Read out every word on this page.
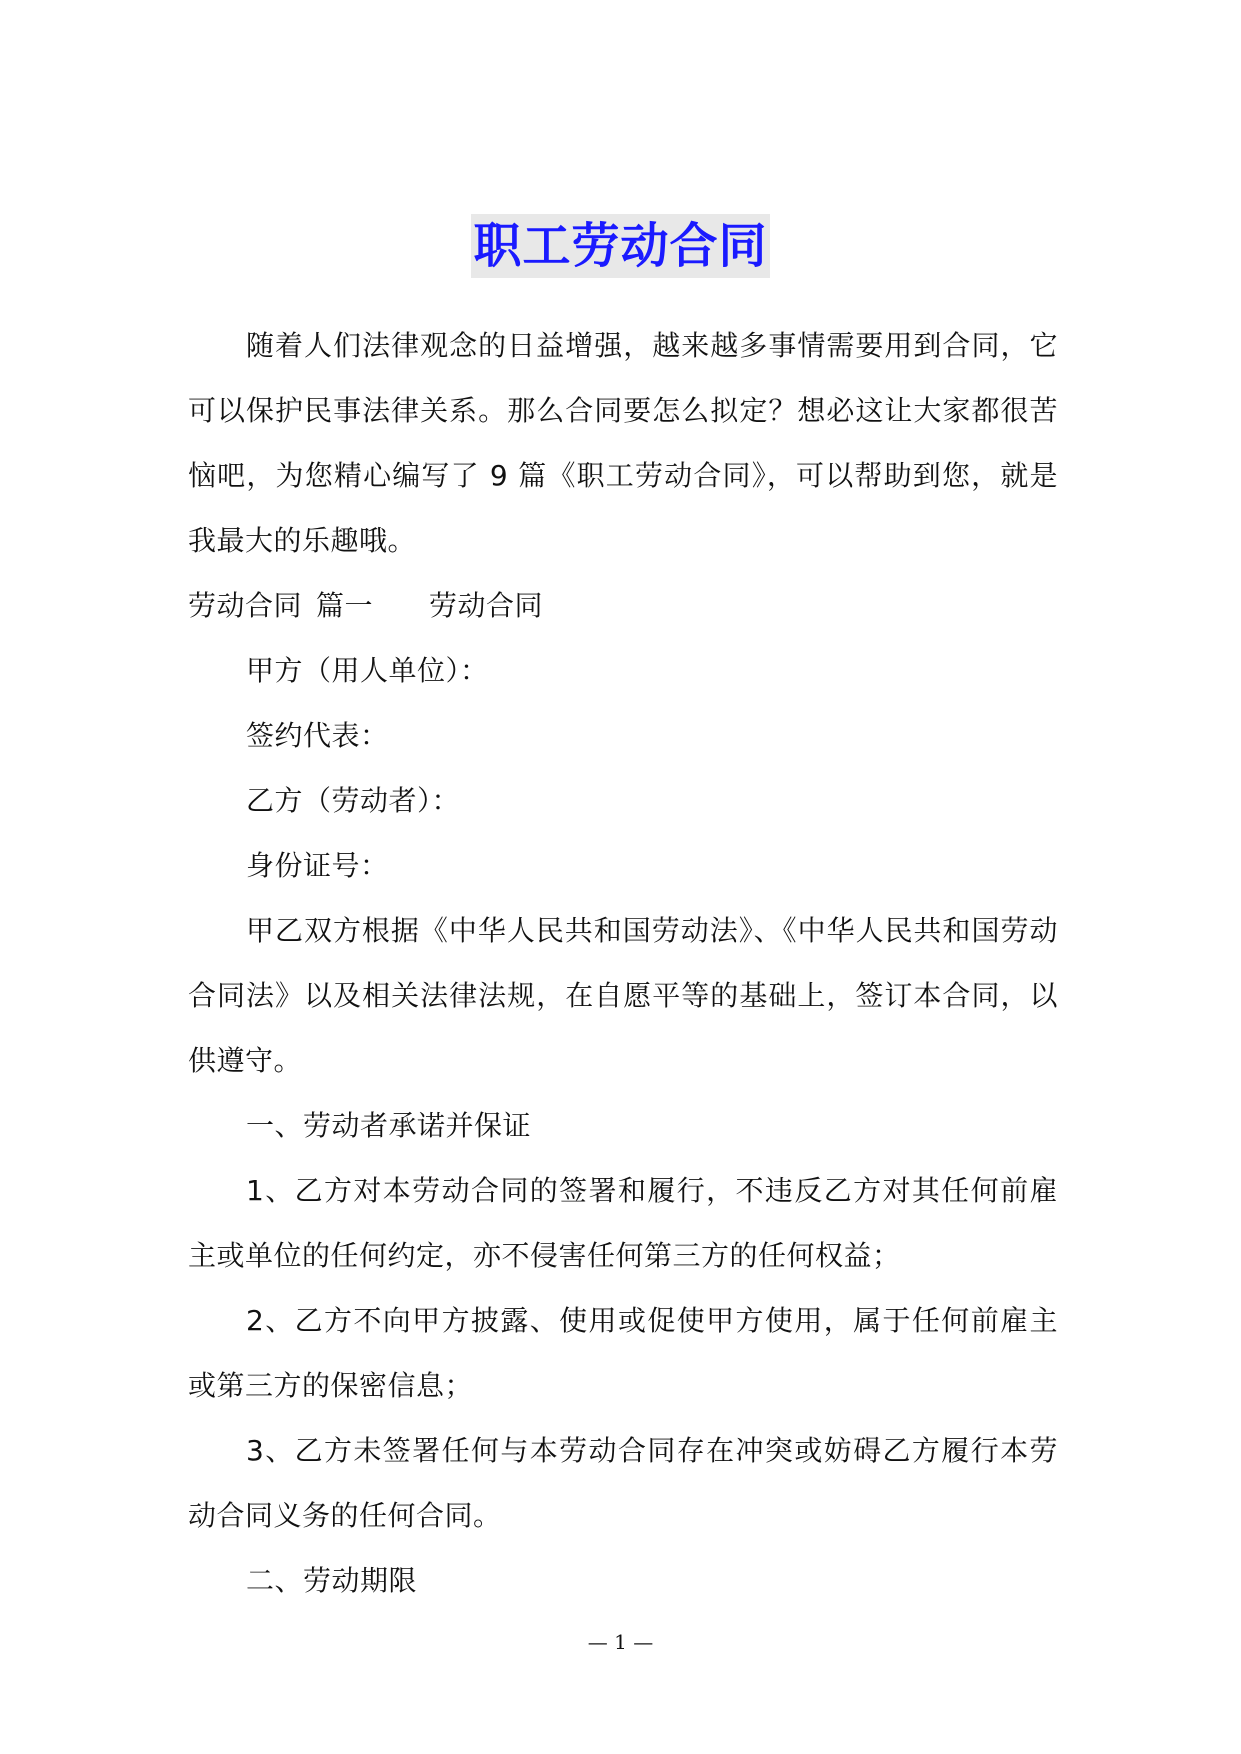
职工劳动合同

随着人们法律观念的日益增强，越来越多事情需要用到合同，它可以保护民事法律关系。那么合同要怎么拟定？想必这让大家都很苦恼吧，为您精心编写了 9 篇《职工劳动合同》，可以帮助到您，就是我最大的乐趣哦。

劳动合同 篇一 劳动合同

甲方（用人单位）：

签约代表：

乙方（劳动者）：

身份证号：

甲乙双方根据《中华人民共和国劳动法》、《中华人民共和国劳动合同法》以及相关法律法规，在自愿平等的基础上，签订本合同，以供遵守。

一、劳动者承诺并保证

1、乙方对本劳动合同的签署和履行，不违反乙方对其任何前雇主或单位的任何约定，亦不侵害任何第三方的任何权益；

2、乙方不向甲方披露、使用或促使甲方使用，属于任何前雇主或第三方的保密信息；

3、乙方未签署任何与本劳动合同存在冲突或妨碍乙方履行本劳动合同义务的任何合同。

二、劳动期限

— 1 —
